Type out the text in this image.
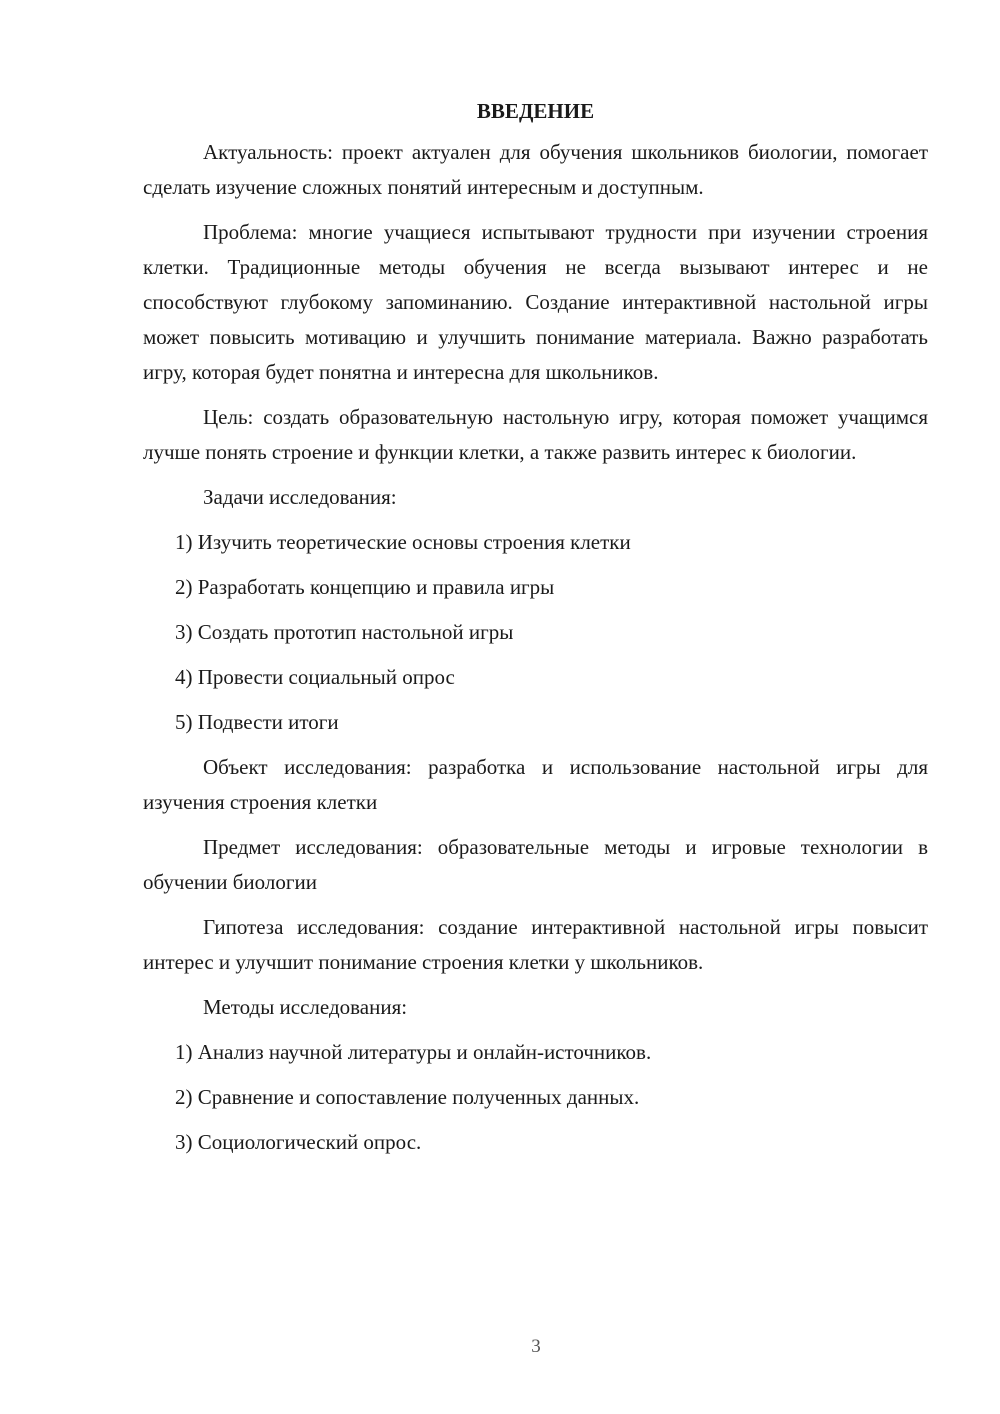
ВВЕДЕНИЕ

Актуальность: проект актуален для обучения школьников биологии, помогает сделать изучение сложных понятий интересным и доступным.

Проблема: многие учащиеся испытывают трудности при изучении строения клетки. Традиционные методы обучения не всегда вызывают интерес и не способствуют глубокому запоминанию. Создание интерактивной настольной игры может повысить мотивацию и улучшить понимание материала. Важно разработать игру, которая будет понятна и интересна для школьников.

Цель: создать образовательную настольную игру, которая поможет учащимся лучше понять строение и функции клетки, а также развить интерес к биологии.

Задачи исследования:

1) Изучить теоретические основы строения клетки

2) Разработать концепцию и правила игры

3) Создать прототип настольной игры

4) Провести социальный опрос

5) Подвести итоги

Объект исследования: разработка и использование настольной игры для изучения строения клетки

Предмет исследования: образовательные методы и игровые технологии в обучении биологии

Гипотеза исследования: создание интерактивной настольной игры повысит интерес и улучшит понимание строения клетки у школьников.

Методы исследования:

1) Анализ научной литературы и онлайн-источников.

2) Сравнение и сопоставление полученных данных.

3) Социологический опрос.

3
